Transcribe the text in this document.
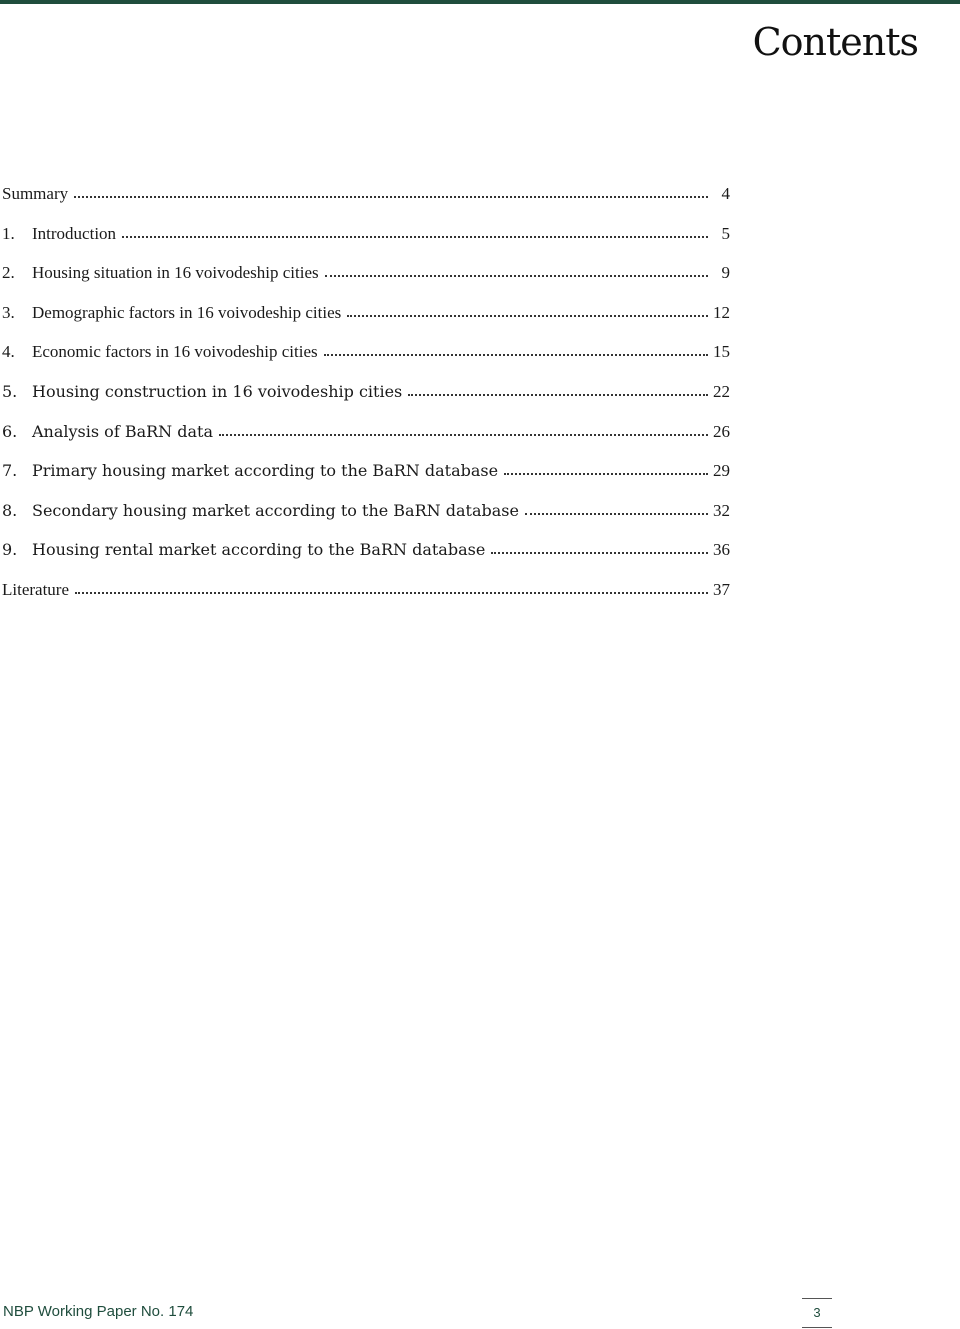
Contents
Summary	4
1.	Introduction	5
2.	Housing situation in 16 voivodeship cities	9
3.	Demographic factors in 16 voivodeship cities	12
4.	Economic factors in 16 voivodeship cities	15
5. Housing construction in 16 voivodeship cities	22
6. Analysis of BaRN data	26
7. Primary housing market according to the BaRN database	29
8. Secondary housing market according to the BaRN database	32
9. Housing rental market according to the BaRN database	36
Literature	37

NBP Working Paper No. 174	3
